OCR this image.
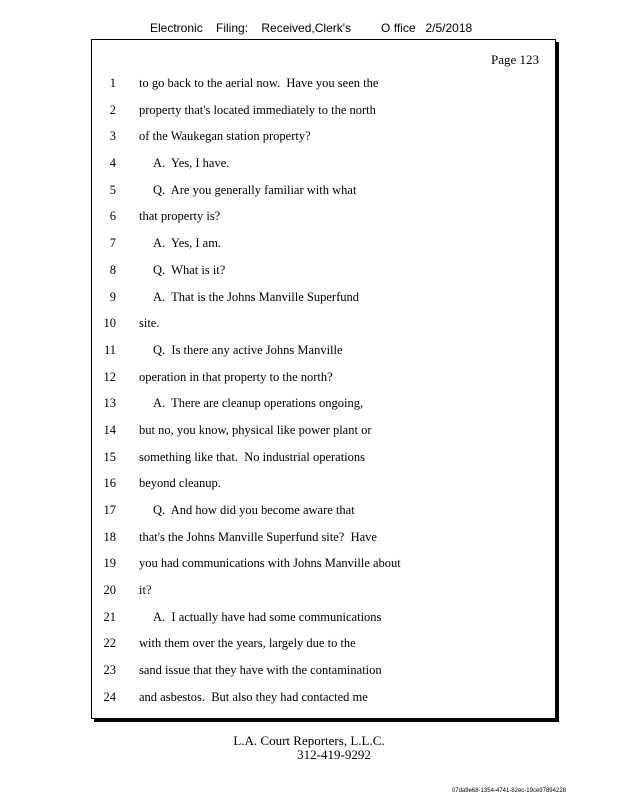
Electronic    Filing:    Received,Clerk's         O ffice   2/5/2018
Page 123
1 to go back to the aerial now.  Have you seen the
2 property that's located immediately to the north
3 of the Waukegan station property?
4	A.  Yes, I have.
5	Q.  Are you generally familiar with what
6 that property is?
7	A.  Yes, I am.
8	Q.  What is it?
9	A.  That is the Johns Manville Superfund
10 site.
11	Q.  Is there any active Johns Manville
12 operation in that property to the north?
13	A.  There are cleanup operations ongoing,
14 but no, you know, physical like power plant or
15 something like that.  No industrial operations
16 beyond cleanup.
17	Q.  And how did you become aware that
18 that's the Johns Manville Superfund site?  Have
19 you had communications with Johns Manville about
20 it?
21	A.  I actually have had some communications
22 with them over the years, largely due to the
23 sand issue that they have with the contamination
24 and asbestos.  But also they had contacted me
L.A. Court Reporters, L.L.C.
312-419-9292
07da9e68-1354-4741-82ec-19ce97894228
